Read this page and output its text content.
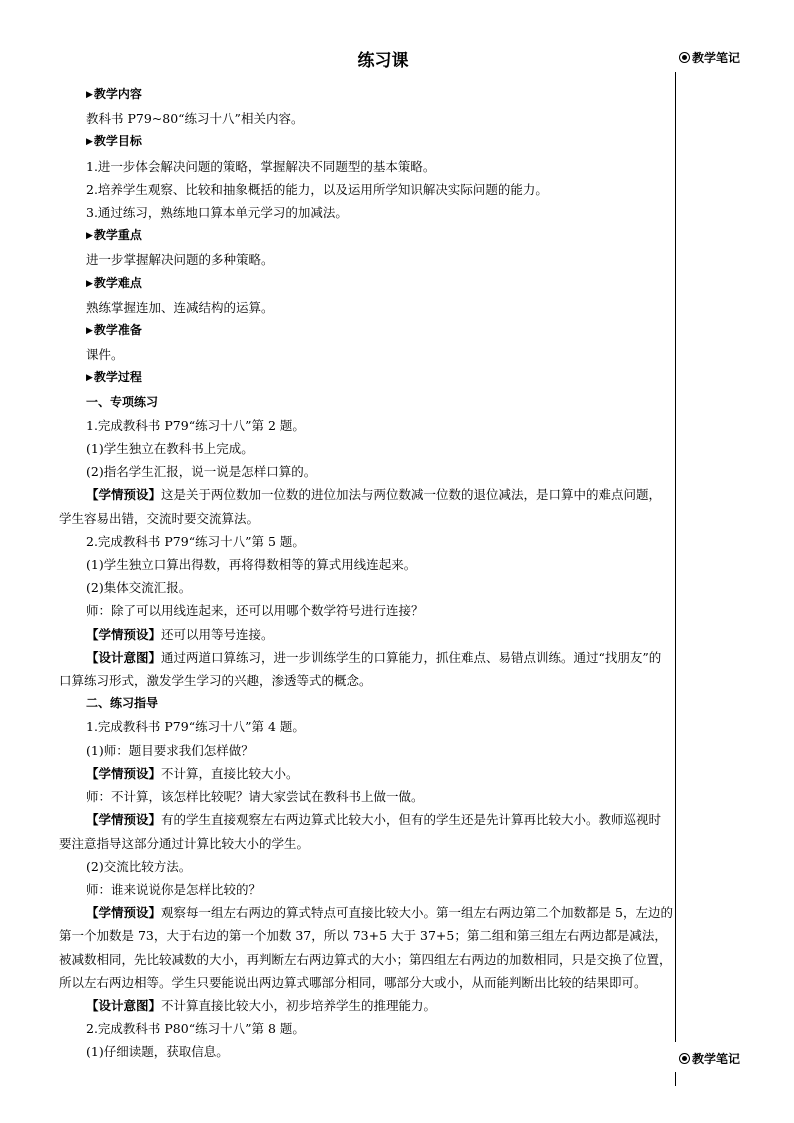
练习课	教学笔记
教学笔记

▶教学内容

教科书 P79~80“练习十八”相关内容。

▶教学目标

1.进一步体会解决问题的策略，掌握解决不同题型的基本策略。

2.培养学生观察、比较和抽象概括的能力，以及运用所学知识解决实际问题的能力。

3.通过练习，熟练地口算本单元学习的加减法。

▶教学重点

进一步掌握解决问题的多种策略。

▶教学难点

熟练掌握连加、连减结构的运算。

▶教学准备

课件。

▶教学过程

一、专项练习

1.完成教科书 P79“练习十八”第 2 题。

(1)学生独立在教科书上完成。

(2)指名学生汇报，说一说是怎样口算的。

【学情预设】这是关于两位数加一位数的进位加法与两位数减一位数的退位减法，是口算中的难点问题，学生容易出错，交流时要交流算法。

2.完成教科书 P79“练习十八”第 5 题。

(1)学生独立口算出得数，再将得数相等的算式用线连起来。

(2)集体交流汇报。

师：除了可以用线连起来，还可以用哪个数学符号进行连接？

【学情预设】还可以用等号连接。

【设计意图】通过两道口算练习，进一步训练学生的口算能力，抓住难点、易错点训练。通过“找朋友”的口算练习形式，激发学生学习的兴趣，渗透等式的概念。

二、练习指导

1.完成教科书 P79“练习十八”第 4 题。

(1)师：题目要求我们怎样做？

【学情预设】不计算，直接比较大小。

师：不计算，该怎样比较呢？请大家尝试在教科书上做一做。

【学情预设】有的学生直接观察左右两边算式比较大小，但有的学生还是先计算再比较大小。教师巡视时要注意指导这部分通过计算比较大小的学生。

(2)交流比较方法。

师：谁来说说你是怎样比较的？

【学情预设】观察每一组左右两边的算式特点可直接比较大小。第一组左右两边第二个加数都是 5，左边的第一个加数是 73，大于右边的第一个加数 37，所以 73+5 大于 37+5；第二组和第三组左右两边都是减法，被减数相同，先比较减数的大小，再判断左右两边算式的大小；第四组左右两边的加数相同，只是交换了位置，所以左右两边相等。学生只要能说出两边算式哪部分相同，哪部分大或小，从而能判断出比较的结果即可。

【设计意图】不计算直接比较大小，初步培养学生的推理能力。

2.完成教科书 P80“练习十八”第 8 题。

(1)仔细读题，获取信息。
